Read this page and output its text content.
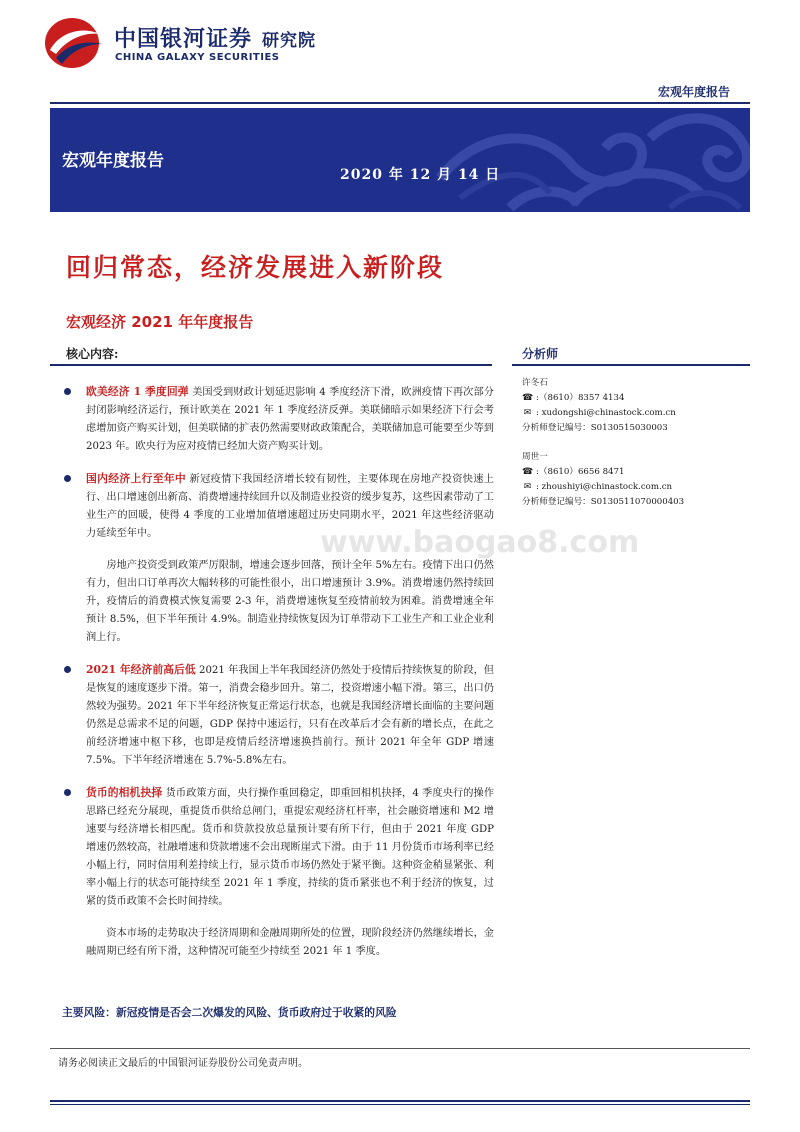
中国银河证券 研究院
CHINA GALAXY SECURITIES
宏观年度报告
宏观年度报告
2020 年 12 月 14 日
回归常态，经济发展进入新阶段
宏观经济 2021 年年度报告
核心内容:	分析师
欧美经济 1 季度回弹 美国受到财政计划延迟影响 4 季度经济下滑，欧洲疫情下再次部分封闭影响经济运行，预计欧美在 2021 年 1 季度经济反弹。美联储暗示如果经济下行会考虑增加资产购买计划，但美联储的扩表仍然需要财政政策配合，美联储加息可能要至少等到 2023 年。欧央行为应对疫情已经加大资产购买计划。
国内经济上行至年中 新冠疫情下我国经济增长较有韧性，主要体现在房地产投资快速上行、出口增速创出新高、消费增速持续回升以及制造业投资的缓步复苏，这些因素带动了工业生产的回暖，使得 4 季度的工业增加值增速超过历史同期水平，2021 年这些经济驱动力延续至年中。
房地产投资受到政策严厉限制，增速会逐步回落，预计全年 5%左右。疫情下出口仍然有力，但出口订单再次大幅转移的可能性很小，出口增速预计 3.9%。消费增速仍然持续回升，疫情后的消费模式恢复需要 2-3 年，消费增速恢复至疫情前较为困难。消费增速全年预计 8.5%，但下半年预计 4.9%。制造业持续恢复因为订单带动下工业生产和工业企业利润上行。
2021 年经济前高后低 2021 年我国上半年我国经济仍然处于疫情后持续恢复的阶段，但是恢复的速度逐步下滑。第一，消费会稳步回升。第二，投资增速小幅下滑。第三，出口仍然较为强势。2021 年下半年经济恢复正常运行状态，也就是我国经济增长面临的主要问题仍然是总需求不足的问题，GDP 保持中速运行，只有在改革后才会有新的增长点，在此之前经济增速中枢下移，也即是疫情后经济增速换挡前行。预计 2021 年全年 GDP 增速 7.5%。下半年经济增速在 5.7%-5.8%左右。
货币的相机抉择 货币政策方面，央行操作重回稳定，即重回相机抉择，4 季度央行的操作思路已经充分展现，重提货币供给总闸门，重提宏观经济杠杆率，社会融资增速和 M2 增速要与经济增长相匹配。货币和贷款投放总量预计要有所下行，但由于 2021 年度 GDP 增速仍然较高，社融增速和贷款增速不会出现断崖式下滑。由于 11 月份货币市场利率已经小幅上行，同时信用利差持续上行，显示货币市场仍然处于紧平衡。这种资金稍显紧张、利率小幅上行的状态可能持续至 2021 年 1 季度，持续的货币紧张也不利于经济的恢复，过紧的货币政策不会长时间持续。
资本市场的走势取决于经济周期和金融周期所处的位置，现阶段经济仍然继续增长，金融周期已经有所下滑，这种情况可能至少持续至 2021 年 1 季度。
主要风险：新冠疫情是否会二次爆发的风险、货币政府过于收紧的风险
许冬石
☎ :（8610）8357 4134
✉ : xudongshi@chinastock.com.cn
分析师登记编号：S0130515030003
周世一
☎ :（8610）6656 8471
✉ : zhoushiyi@chinastock.com.cn
分析师登记编号：S0130511070000403
www.baogao8.com
请务必阅读正文最后的中国银河证券股份公司免责声明。
